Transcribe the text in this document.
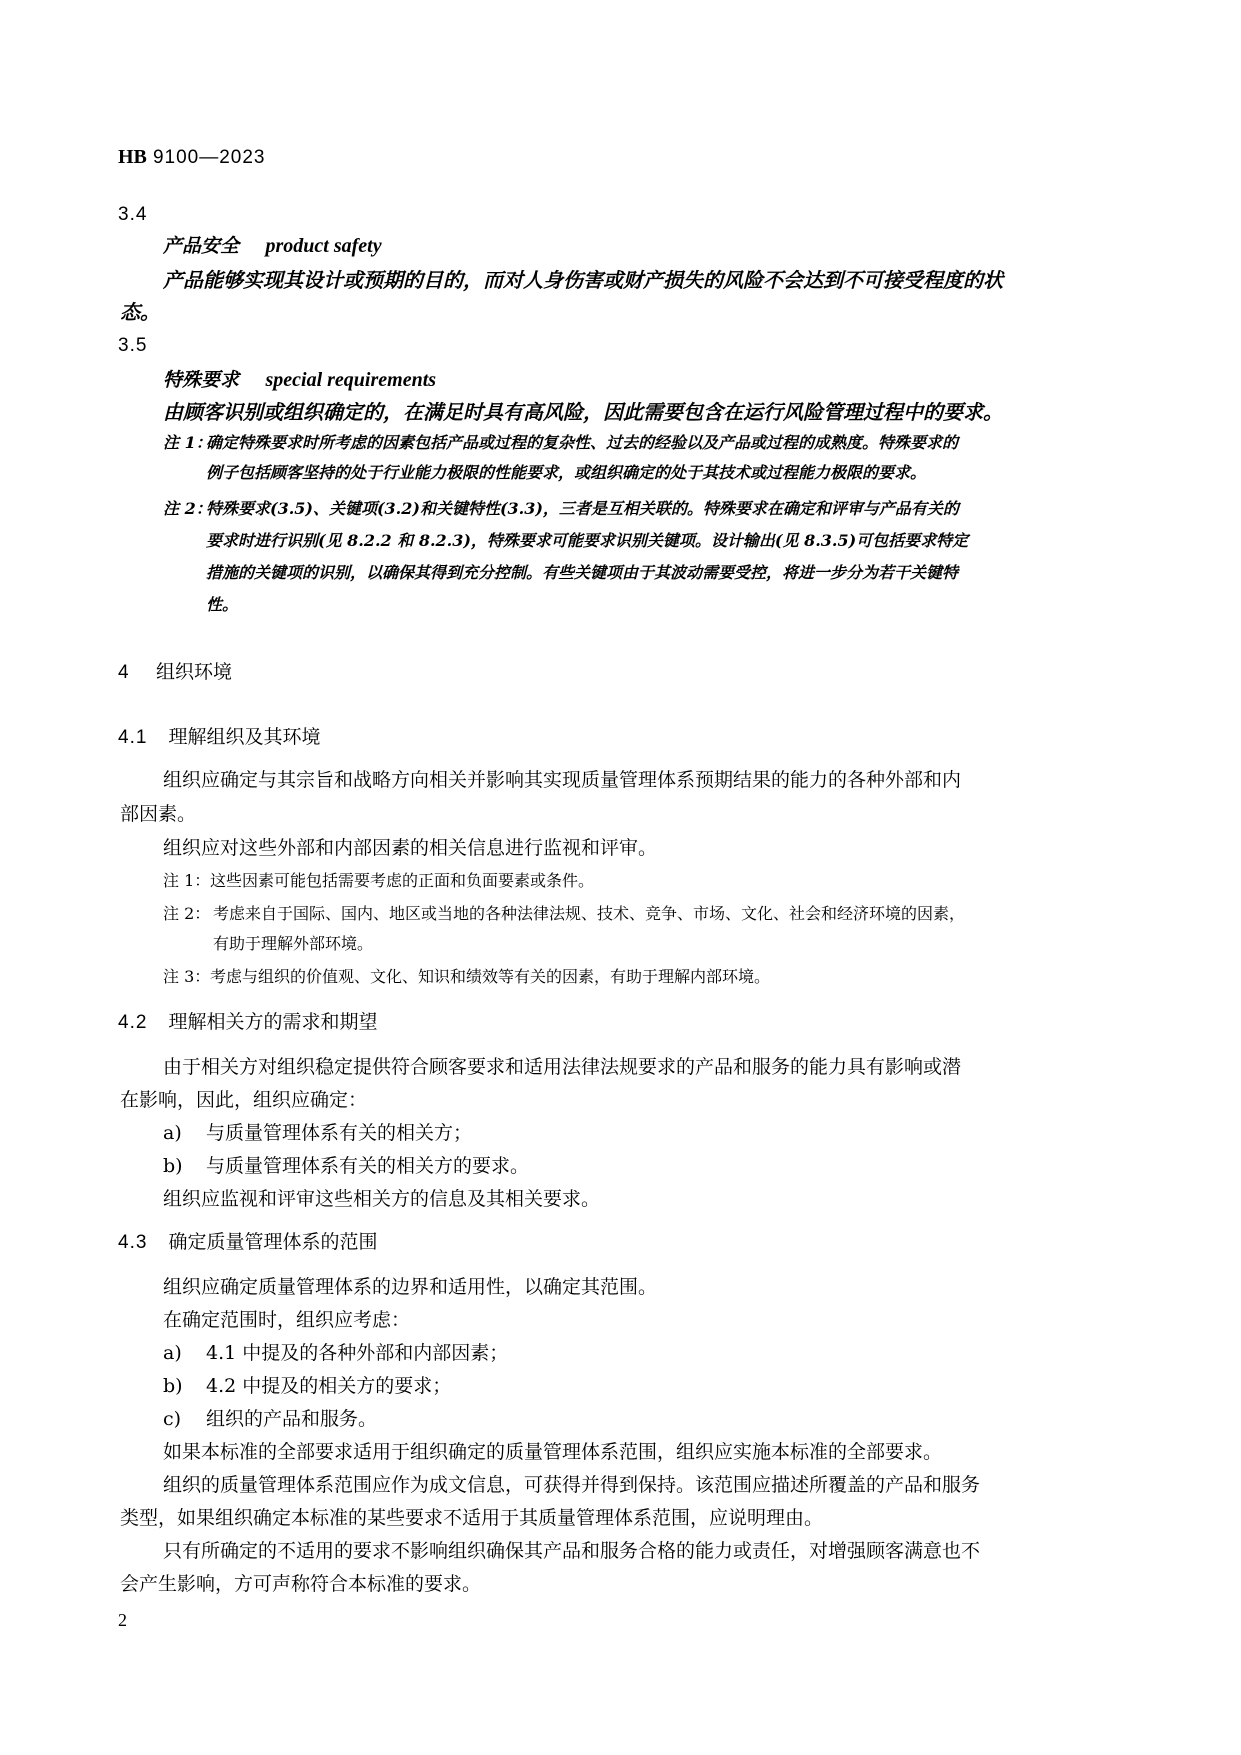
HB 9100—2023
3.4
产品安全 product safety
产品能够实现其设计或预期的目的，而对人身伤害或财产损失的风险不会达到不可接受程度的状
态。
3.5
特殊要求 special requirements
由顾客识别或组织确定的，在满足时具有高风险，因此需要包含在运行风险管理过程中的要求。
注 1：
确定特殊要求时所考虑的因素包括产品或过程的复杂性、过去的经验以及产品或过程的成熟度。特殊要求的
例子包括顾客坚持的处于行业能力极限的性能要求，或组织确定的处于其技术或过程能力极限的要求。
注 2：
特殊要求(3.5)、关键项(3.2)和关键特性(3.3)，三者是互相关联的。特殊要求在确定和评审与产品有关的
要求时进行识别(见 8.2.2 和 8.2.3)，特殊要求可能要求识别关键项。设计输出(见 8.3.5)可包括要求特定
措施的关键项的识别，以确保其得到充分控制。有些关键项由于其波动需要受控，将进一步分为若干关键特
性。
4 组织环境
4.1 理解组织及其环境
组织应确定与其宗旨和战略方向相关并影响其实现质量管理体系预期结果的能力的各种外部和内
部因素。
组织应对这些外部和内部因素的相关信息进行监视和评审。
注 1： 这些因素可能包括需要考虑的正面和负面要素或条件。
注 2： 考虑来自于国际、国内、地区或当地的各种法律法规、技术、竞争、市场、文化、社会和经济环境的因素，
有助于理解外部环境。
注 3： 考虑与组织的价值观、文化、知识和绩效等有关的因素，有助于理解内部环境。
4.2 理解相关方的需求和期望
由于相关方对组织稳定提供符合顾客要求和适用法律法规要求的产品和服务的能力具有影响或潜
在影响，因此，组织应确定：
a) 与质量管理体系有关的相关方；
b) 与质量管理体系有关的相关方的要求。
组织应监视和评审这些相关方的信息及其相关要求。
4.3 确定质量管理体系的范围
组织应确定质量管理体系的边界和适用性，以确定其范围。
在确定范围时，组织应考虑：
a) 4.1 中提及的各种外部和内部因素；
b) 4.2 中提及的相关方的要求；
c) 组织的产品和服务。
如果本标准的全部要求适用于组织确定的质量管理体系范围，组织应实施本标准的全部要求。
组织的质量管理体系范围应作为成文信息，可获得并得到保持。该范围应描述所覆盖的产品和服务
类型，如果组织确定本标准的某些要求不适用于其质量管理体系范围，应说明理由。
只有所确定的不适用的要求不影响组织确保其产品和服务合格的能力或责任，对增强顾客满意也不
会产生影响，方可声称符合本标准的要求。
2
